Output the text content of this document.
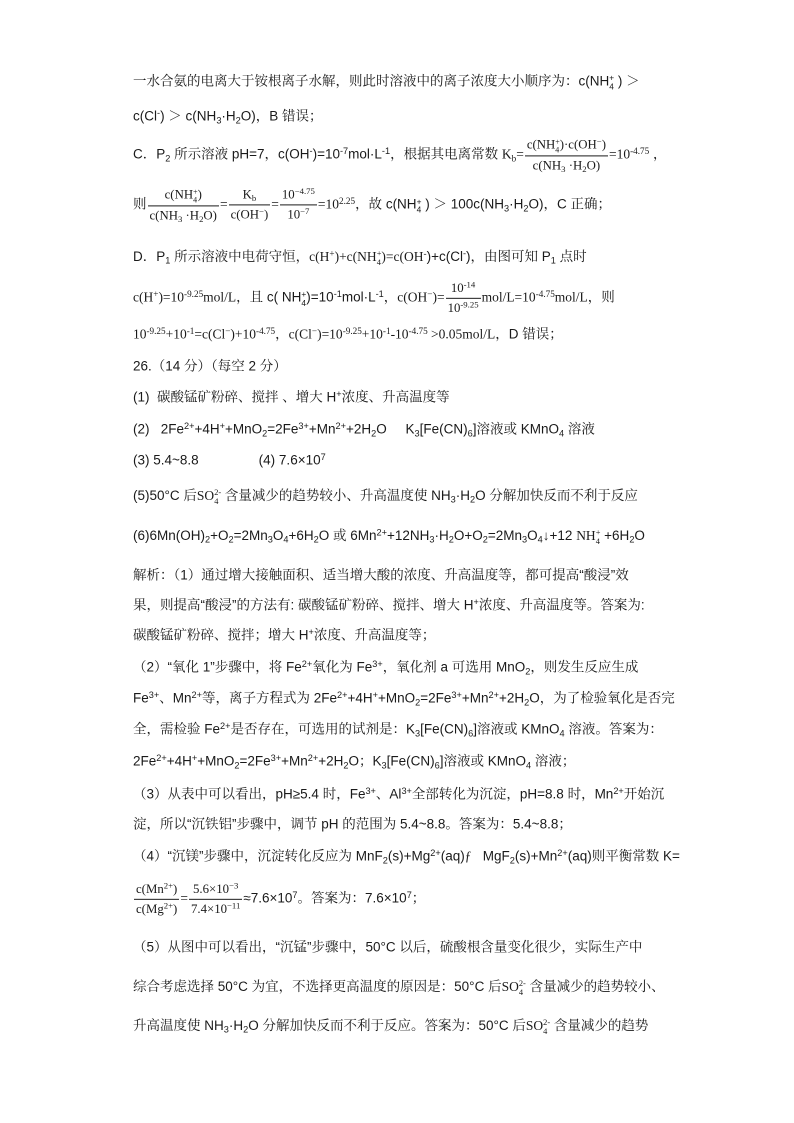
一水合氨的电离大于铵根离子水解，则此时溶液中的离子浓度大小顺序为：c(NH +
4 ) ＞
$c(Cl^-) > c(NH_3\cdot H_2O)$，B 错误；
C．$P_2$ 所示溶液 pH=7，$c(OH^-)=10^{-7}mol\cdot L^{-1}$，根据其电离常数 $K_b= c(NH$ +
4 )·c(OH−)
$c(NH_3 \cdot H_2O) =10^{-4.75}$ ，
则 c(NH +
4 )
$c(NH_3 \cdot H_2O) = \frac{K_b}{c(OH^-)} = \frac{10^{-4.75}}{10^{-7}} =10^{2.25}$，故 c(NH +
4 ) ＞ $100c(NH_3\cdot H_2O)$，C 正确；
D．$P_1$ 所示溶液中电荷守恒，c(H+)+c(NH +
4 )=c(OH-)+c(Cl-)，由图可知 $P_1$ 点时
$c(H^+)=10^{-9.25}mol/L$，且 c( NH +
4 )$=10^{-1}mol\cdot L^{-1}$，$c(OH^-)= \frac{10^{-14}}{10^{-9.25}} mol/L=10^{-4.75}mol/L$，则
$10^{-9.25}+10^{-1}=c(Cl^-)+10^{-4.75}$，$c(Cl^-)=10^{-9.25}+10^{-1}-10^{-4.75} >0.05mol/L$，D 错误；
26.（14 分）（每空 2 分）
(1)  碳酸锰矿粉碎、搅拌 、增大 H+浓度、升高温度等
(2)   $2Fe^{2+}+4H^++MnO_2=2Fe^{3+}+Mn^{2+}+2H_2O$     $K_3[Fe(CN)_6]$溶液或 KMnO$_4$ 溶液
(3) 5.4~8.8                (4) $7.6\times 10^7$
(5)50°C 后SO 2-
4 含量减少的趋势较小、升高温度使 $NH_3\cdot H_2O$ 分解加快反而不利于反应
$(6)6Mn(OH)_2+O_2=2Mn_3O_4+6H_2O$ 或 $6Mn^{2+}+12NH_3\cdot H_2O+O_2=2Mn_3O_4↓+12$ NH +
$4 +6H_2O$
解析：（1）通过增大接触面积、适当增大酸的浓度、升高温度等，都可提高“酸浸”效
果，则提高“酸浸”的方法有: 碳酸锰矿粉碎、搅拌、增大 H+浓度、升高温度等。答案为:
碳酸锰矿粉碎、搅拌；增大 H+浓度、升高温度等；
（2）“氧化 1”步骤中，将 $Fe^{2+}$氧化为 $Fe^{3+}$，氧化剂 a 可选用 MnO$_2$，则发生反应生成
$Fe^{3+}$、$Mn^{2+}$等，离子方程式为 $2Fe^{2+}+4H^++MnO_2=2Fe^{3+}+Mn^{2+}+2H_2O$，为了检验氧化是否完
全，需检验 $Fe^{2+}$是否存在，可选用的试剂是：$K_3[Fe(CN)_6]$溶液或 KMnO$_4$ 溶液。答案为：
$2Fe^{2+}+4H^++MnO_2=2Fe^{3+}+Mn^{2+}+2H_2O$；$K_3[Fe(CN)_6]$溶液或 KMnO$_4$ 溶液；
（3）从表中可以看出，pH≥5.4 时，$Fe^{3+}$、$Al^{3+}$全部转化为沉淀，pH=8.8 时，$Mn^{2+}$开始沉
淀，所以“沉铁铝”步骤中，调节 pH 的范围为 5.4~8.8。答案为：5.4~8.8；
（4）“沉镁”步骤中，沉淀转化反应为 $MnF_2(s)+Mg^{2+}(aq)ƒ$   $MgF_2(s)+Mn^{2+}(aq)$则平衡常数 K=
$\frac{c(Mn^{2+})}{c(Mg^{2+})} = \frac{5.6\times 10^{-3}}{7.4\times 10^{-11}} \approx 7.6\times 10^7$。答案为：$7.6\times 10^7$；
（5）从图中可以看出，“沉锰”步骤中，50°C 以后，硫酸根含量变化很少，实际生产中
综合考虑选择 50°C 为宜，不选择更高温度的原因是：50°C 后SO 2-
4 含量减少的趋势较小、
升高温度使 $NH_3\cdot H_2O$ 分解加快反而不利于反应。答案为：50°C 后SO 2-
4 含量减少的趋势
